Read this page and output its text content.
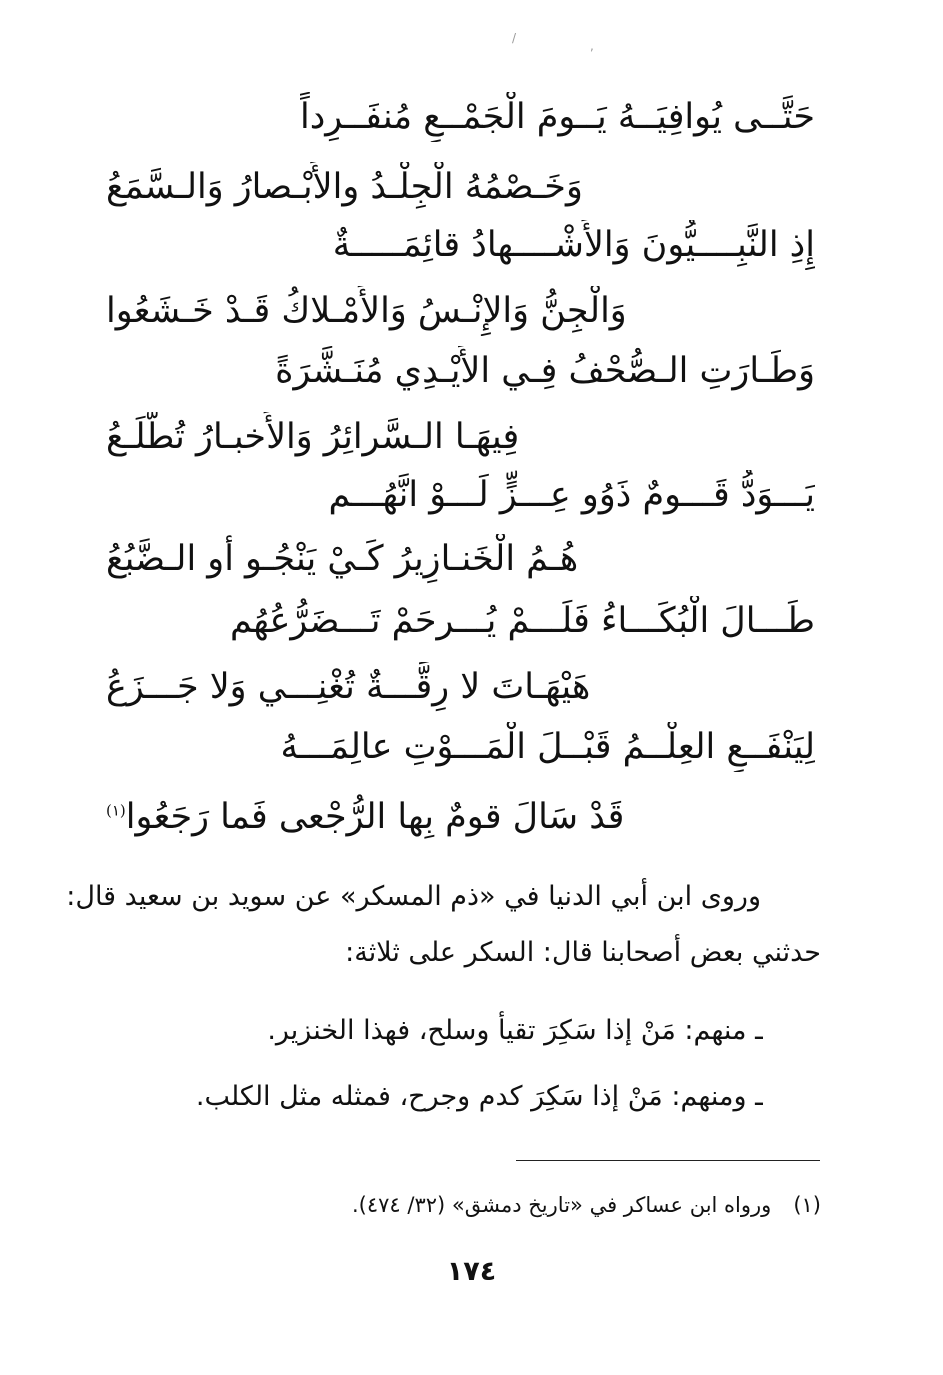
/
,
حَتَّــى يُوافِيَــهُ يَــومَ الْجَمْــعِ مُنفَــرِداً
وَخَـصْمُهُ الْجِلْـدُ والأَبْـصارُ وَالـسَّمَعُ
إِذِ النَّبِــــيُّونَ وَالأَشْــــهادُ قائِمَـــــةٌ
وَالْجِنُّ وَالإِنْـسُ وَالأَمْـلاكُ قَـدْ خَـشَعُوا
وَطَـارَتِ الـصُّحْفُ فِـي الأَيْـدِي مُنَـشَّرَةً
فِيهَـا الـسَّرائِرُ وَالأَخبـارُ تُطَّلَـعُ
يَـــوَدُّ قَـــومٌ ذَوُو عِـــزٍّ لَـــوْ انَّهُـــم
هُـمُ الْخَنـازِيرُ كَـيْ يَنْجُـو أو الـضَّبُعُ
طَـــالَ الْبُكَـــاءُ فَلَـــمْ يُـــرحَمْ تَـــضَرُّعُهُم
هَيْهَـاتَ لا رِقَّـــةٌ تُغْنِـــي وَلا جَـــزَعُ
لِيَنْفَــعِ العِلْــمُ قَبْــلَ الْمَـــوْتِ عالِمَـــهُ
قَدْ سَالَ قومٌ بِها الرُّجْعى فَما رَجَعُوا$^{(١)}$
وروى ابن أبي الدنيا في «ذم المسكر» عن سويد بن سعيد قال:
حدثني بعض أصحابنا قال: السكر على ثلاثة:
ـ منهم: مَنْ إذا سَكِرَ تقيأ وسلح، فهذا الخنزير.
ـ ومنهم: مَنْ إذا سَكِرَ كدم وجرح، فمثله مثل الكلب.
(١)ورواه ابن عساكر في «تاريخ دمشق» (٣٢/ ٤٧٤).
١٧٤
